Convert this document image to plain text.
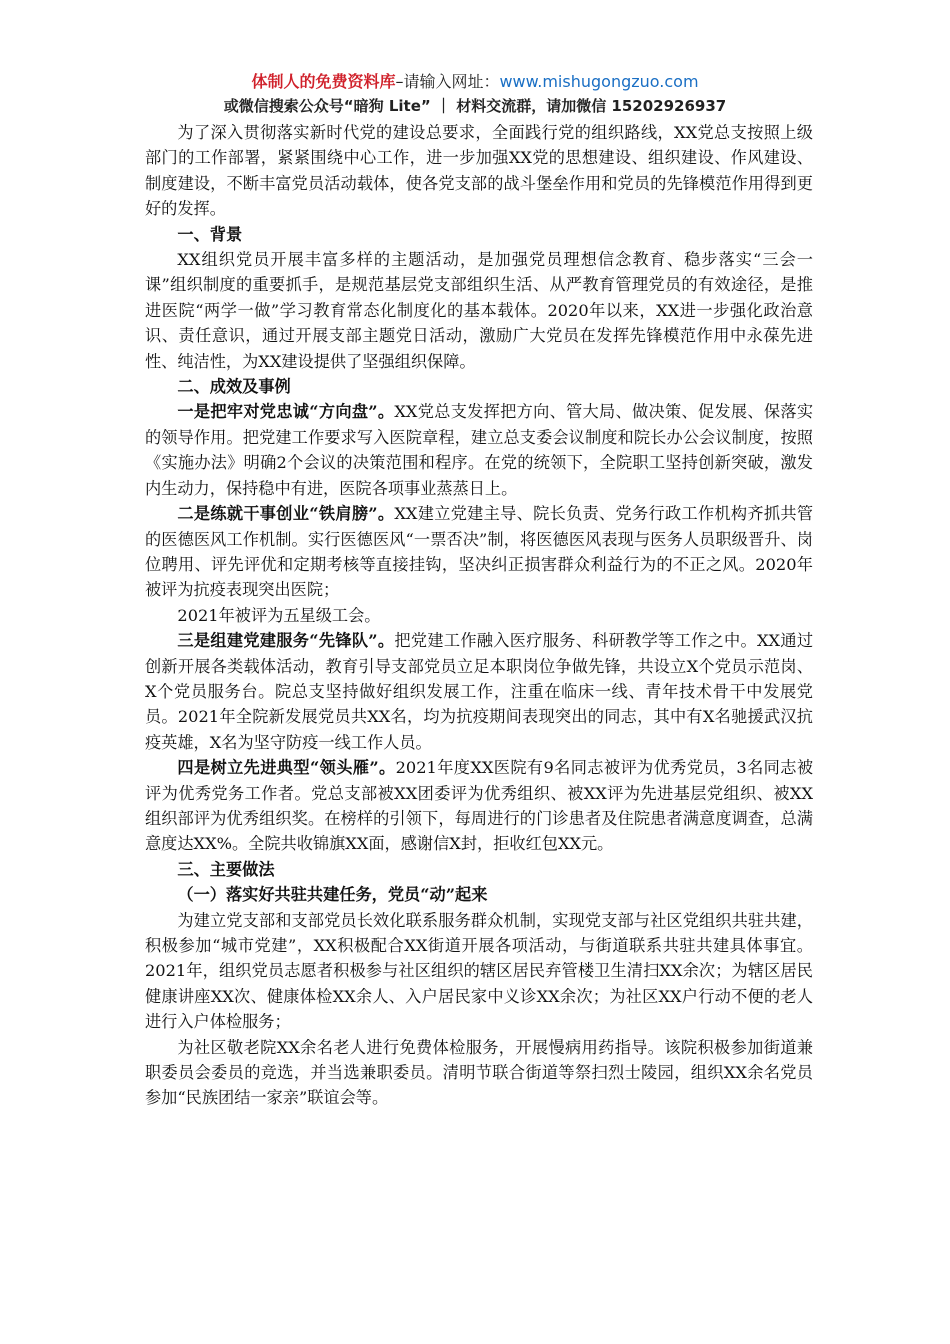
体制人的免费资料库–请输入网址：www.mishugongzuo.com
或微信搜索公众号“暗狗 Lite” ｜ 材料交流群，请加微信 15202926937

为了深入贯彻落实新时代党的建设总要求，全面践行党的组织路线，XX党总支按照上级部门的工作部署，紧紧围绕中心工作，进一步加强XX党的思想建设、组织建设、作风建设、制度建设，不断丰富党员活动载体，使各党支部的战斗堡垒作用和党员的先锋模范作用得到更好的发挥。

一、背景

XX组织党员开展丰富多样的主题活动，是加强党员理想信念教育、稳步落实“三会一课”组织制度的重要抓手，是规范基层党支部组织生活、从严教育管理党员的有效途径，是推进医院“两学一做”学习教育常态化制度化的基本载体。2020年以来，XX进一步强化政治意识、责任意识，通过开展支部主题党日活动，激励广大党员在发挥先锋模范作用中永葆先进性、纯洁性，为XX建设提供了坚强组织保障。

二、成效及事例

一是把牢对党忠诚“方向盘”。XX党总支发挥把方向、管大局、做决策、促发展、保落实的领导作用。把党建工作要求写入医院章程，建立总支委会议制度和院长办公会议制度，按照《实施办法》明确2个会议的决策范围和程序。在党的统领下，全院职工坚持创新突破，激发内生动力，保持稳中有进，医院各项事业蒸蒸日上。

二是练就干事创业“铁肩膀”。XX建立党建主导、院长负责、党务行政工作机构齐抓共管的医德医风工作机制。实行医德医风“一票否决”制，将医德医风表现与医务人员职级晋升、岗位聘用、评先评优和定期考核等直接挂钩，坚决纠正损害群众利益行为的不正之风。2020年被评为抗疫表现突出医院；

2021年被评为五星级工会。

三是组建党建服务“先锋队”。把党建工作融入医疗服务、科研教学等工作之中。XX通过创新开展各类载体活动，教育引导支部党员立足本职岗位争做先锋，共设立X个党员示范岗、X个党员服务台。院总支坚持做好组织发展工作，注重在临床一线、青年技术骨干中发展党员。2021年全院新发展党员共XX名，均为抗疫期间表现突出的同志，其中有X名驰援武汉抗疫英雄，X名为坚守防疫一线工作人员。

四是树立先进典型“领头雁”。2021年度XX医院有9名同志被评为优秀党员，3名同志被评为优秀党务工作者。党总支部被XX团委评为优秀组织、被XX评为先进基层党组织、被XX组织部评为优秀组织奖。在榜样的引领下，每周进行的门诊患者及住院患者满意度调查，总满意度达XX%。全院共收锦旗XX面，感谢信X封，拒收红包XX元。

三、主要做法

（一）落实好共驻共建任务，党员“动”起来

为建立党支部和支部党员长效化联系服务群众机制，实现党支部与社区党组织共驻共建，积极参加“城市党建”，XX积极配合XX街道开展各项活动，与街道联系共驻共建具体事宜。2021年，组织党员志愿者积极参与社区组织的辖区居民弃管楼卫生清扫XX余次；为辖区居民健康讲座XX次、健康体检XX余人、入户居民家中义诊XX余次；为社区XX户行动不便的老人进行入户体检服务；

为社区敬老院XX余名老人进行免费体检服务，开展慢病用药指导。该院积极参加街道兼职委员会委员的竞选，并当选兼职委员。清明节联合街道等祭扫烈士陵园，组织XX余名党员参加“民族团结一家亲”联谊会等。
